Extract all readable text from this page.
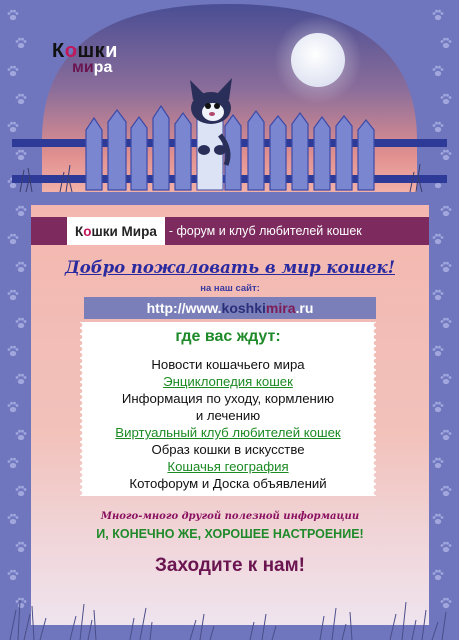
Кошки
мира
Кошки Мира - форум и клуб любителей кошек
Добро пожаловать в мир кошек!
на наш сайт:
http://www.koshkimira.ru
где вас ждут:
Новости кошачьего мира
Энциклопедия кошек
Информация по уходу, кормлению
и лечению
Виртуальный клуб любителей кошек
Образ кошки в искусстве
Кошачья география
Котофорум и Доска объявлений
Много-много другой полезной информации
И, КОНЕЧНО ЖЕ, ХОРОШЕЕ НАСТРОЕНИЕ!
Заходите к нам!
